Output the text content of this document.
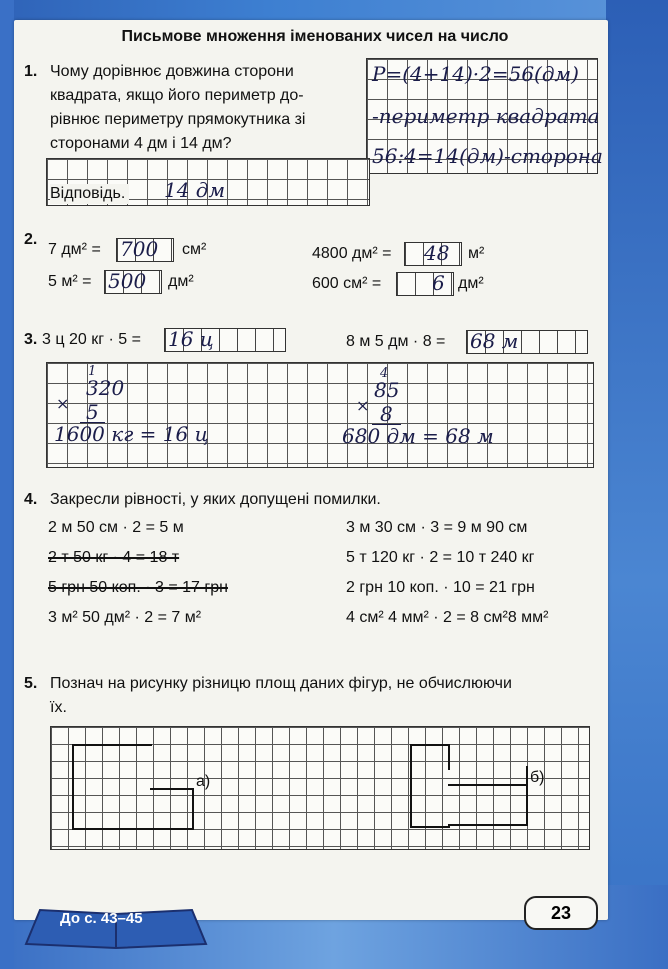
Письмове множення іменованих чисел на число
1. Чому дорівнює довжина сторони
квадрата, якщо його периметр до-
рівнює периметру прямокутника зі
сторонами 4 дм і 14 дм?
P=(4+14)·2=56(дм)
-периметр квадрата
56:4=14(дм)-сторона
Відповідь. 14 дм
2.
7 дм² = 700 см²
5 м² = 500 дм²
4800 дм² = 48 м²
600 см² =	6 дм²
3. 3 ц 20 кг · 5 = 16 ц	8 м 5 дм · 8 = 68 м
1
320
× 5
1600 кг = 16 ц
4
85
× 8
680 дм = 68 м
4. Закресли рівності, у яких допущені помилки.
2 м 50 см · 2 = 5 м
2 т 50 кг · 4 = 18 т
5 грн 50 коп. · 3 = 17 грн
3 м² 50 дм² · 2 = 7 м²
3 м 30 см · 3 = 9 м 90 см
5 т 120 кг · 2 = 10 т 240 кг
2 грн 10 коп. · 10 = 21 грн
4 см² 4 мм² · 2 = 8 см²8 мм²
5. Познач на рисунку різницю площ даних фігур, не обчислюючи
їх.
а)	б)
До с. 43–45	23
